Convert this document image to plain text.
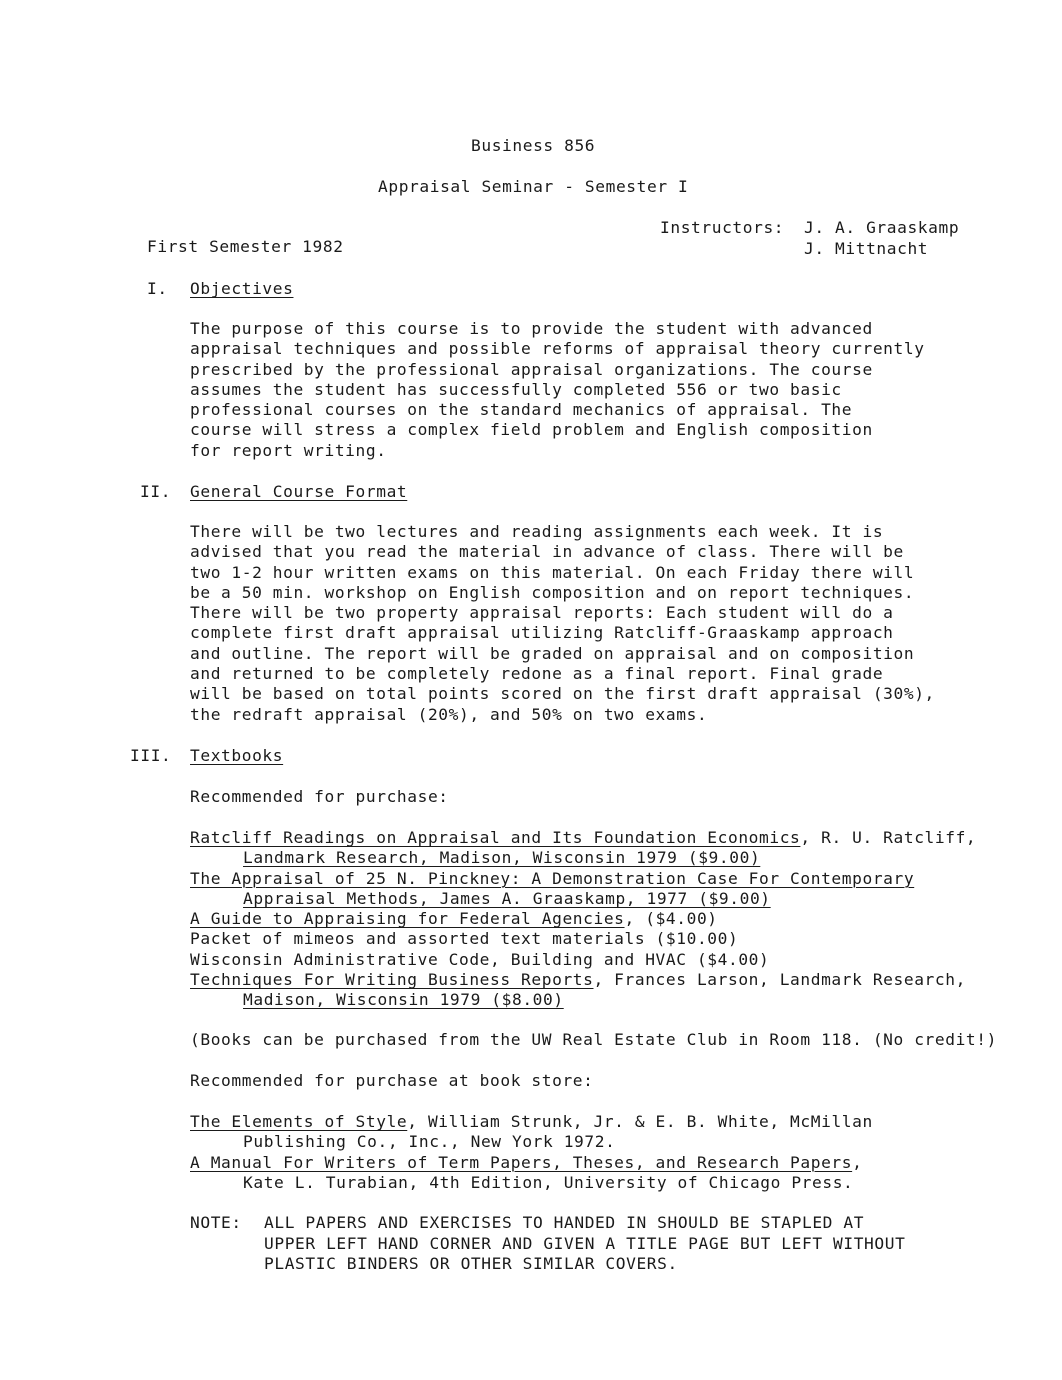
Business 856
Appraisal Seminar - Semester I
Instructors: J. A. Graaskamp
J. Mittnacht
First Semester 1982
I. Objectives
The purpose of this course is to provide the student with advanced
appraisal techniques and possible reforms of appraisal theory currently
prescribed by the professional appraisal organizations. The course
assumes the student has successfully completed 556 or two basic
professional courses on the standard mechanics of appraisal. The
course will stress a complex field problem and English composition
for report writing.
II. General Course Format
There will be two lectures and reading assignments each week. It is
advised that you read the material in advance of class. There will be
two 1-2 hour written exams on this material. On each Friday there will
be a 50 min. workshop on English composition and on report techniques.
There will be two property appraisal reports: Each student will do a
complete first draft appraisal utilizing Ratcliff-Graaskamp approach
and outline. The report will be graded on appraisal and on composition
and returned to be completely redone as a final report. Final grade
will be based on total points scored on the first draft appraisal (30%),
the redraft appraisal (20%), and 50% on two exams.
III. Textbooks
Recommended for purchase:
Ratcliff Readings on Appraisal and Its Foundation Economics, R. U. Ratcliff,
Landmark Research, Madison, Wisconsin 1979 ($9.00)
The Appraisal of 25 N. Pinckney: A Demonstration Case For Contemporary
Appraisal Methods, James A. Graaskamp, 1977 ($9.00)
A Guide to Appraising for Federal Agencies, ($4.00)
Packet of mimeos and assorted text materials ($10.00)
Wisconsin Administrative Code, Building and HVAC ($4.00)
Techniques For Writing Business Reports, Frances Larson, Landmark Research,
Madison, Wisconsin 1979 ($8.00)
(Books can be purchased from the UW Real Estate Club in Room 118. (No credit!)
Recommended for purchase at book store:
The Elements of Style, William Strunk, Jr. & E. B. White, McMillan
Publishing Co., Inc., New York 1972.
A Manual For Writers of Term Papers, Theses, and Research Papers,
Kate L. Turabian, 4th Edition, University of Chicago Press.
NOTE: ALL PAPERS AND EXERCISES TO HANDED IN SHOULD BE STAPLED AT
UPPER LEFT HAND CORNER AND GIVEN A TITLE PAGE BUT LEFT WITHOUT
PLASTIC BINDERS OR OTHER SIMILAR COVERS.
